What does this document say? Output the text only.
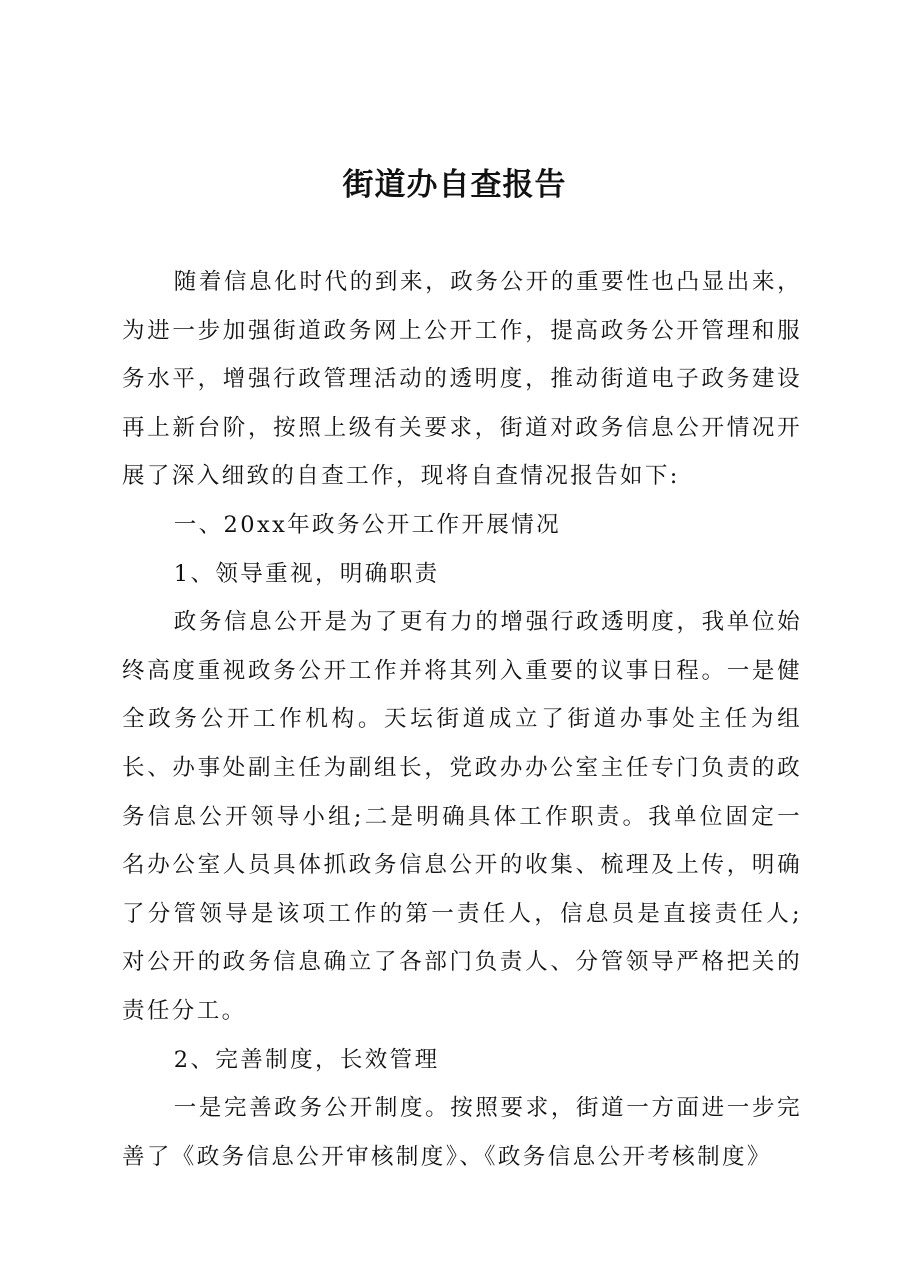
街道办自查报告

随着信息化时代的到来，政务公开的重要性也凸显出来，为进一步加强街道政务网上公开工作，提高政务公开管理和服务水平，增强行政管理活动的透明度，推动街道电子政务建设再上新台阶，按照上级有关要求，街道对政务信息公开情况开展了深入细致的自查工作，现将自查情况报告如下:

一、20xx年政务公开工作开展情况

1、领导重视，明确职责

政务信息公开是为了更有力的增强行政透明度，我单位始终高度重视政务公开工作并将其列入重要的议事日程。一是健全政务公开工作机构。天坛街道成立了街道办事处主任为组长、办事处副主任为副组长，党政办办公室主任专门负责的政务信息公开领导小组;二是明确具体工作职责。我单位固定一名办公室人员具体抓政务信息公开的收集、梳理及上传，明确了分管领导是该项工作的第一责任人，信息员是直接责任人;对公开的政务信息确立了各部门负责人、分管领导严格把关的责任分工。

2、完善制度，长效管理

一是完善政务公开制度。按照要求，街道一方面进一步完善了《政务信息公开审核制度》、《政务信息公开考核制度》
